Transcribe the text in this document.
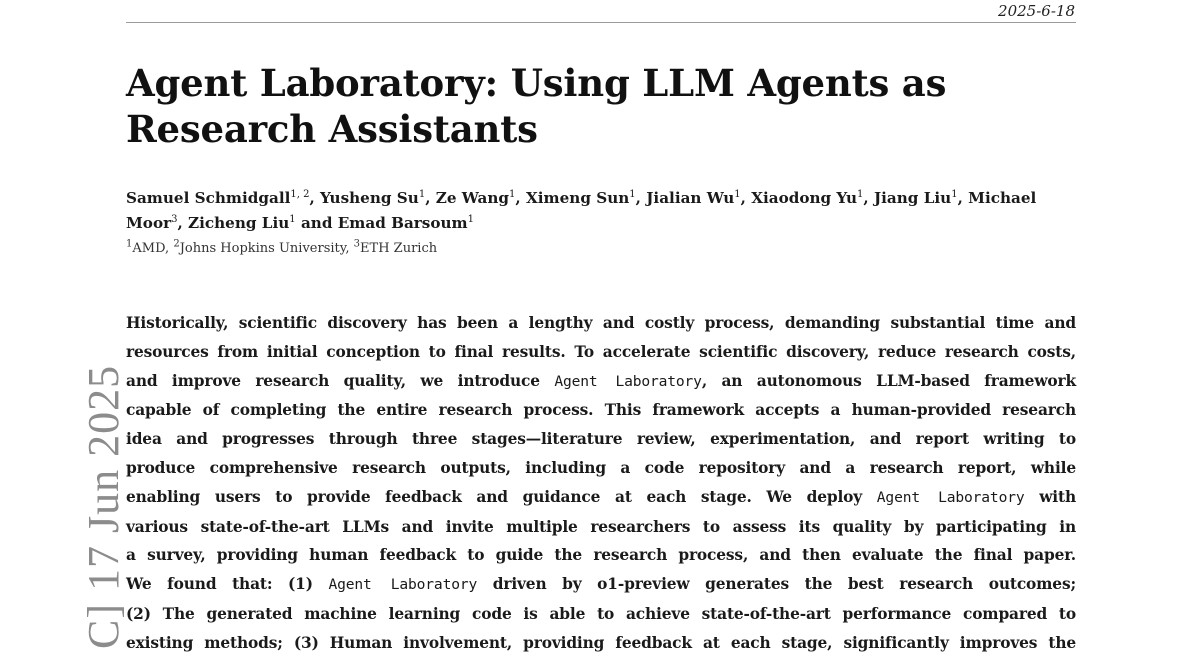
2025-6-18
Agent Laboratory: Using LLM Agents as
Research Assistants
Samuel Schmidgall$^{1, 2}$, Yusheng Su$^1$, Ze Wang$^1$, Ximeng Sun$^1$, Jialian Wu$^1$, Xiaodong Yu$^1$, Jiang Liu$^1$, Michael Moor$^3$, Zicheng Liu$^1$ and Emad Barsoum$^1$
$^1$AMD, $^2$Johns Hopkins University, $^3$ETH Zurich
Historically, scientific discovery has been a lengthy and costly process, demanding substantial time and
resources from initial conception to final results. To accelerate scientific discovery, reduce research costs,
and improve research quality, we introduce Agent Laboratory, an autonomous LLM-based framework
capable of completing the entire research process. This framework accepts a human-provided research
idea and progresses through three stages—literature review, experimentation, and report writing to
produce comprehensive research outputs, including a code repository and a research report, while
enabling users to provide feedback and guidance at each stage. We deploy Agent Laboratory with
various state-of-the-art LLMs and invite multiple researchers to assess its quality by participating in
a survey, providing human feedback to guide the research process, and then evaluate the final paper.
We found that: (1) Agent Laboratory driven by o1-preview generates the best research outcomes;
(2) The generated machine learning code is able to achieve state-of-the-art performance compared to
existing methods; (3) Human involvement, providing feedback at each stage, significantly improves the
C] 17 Jun 2025
